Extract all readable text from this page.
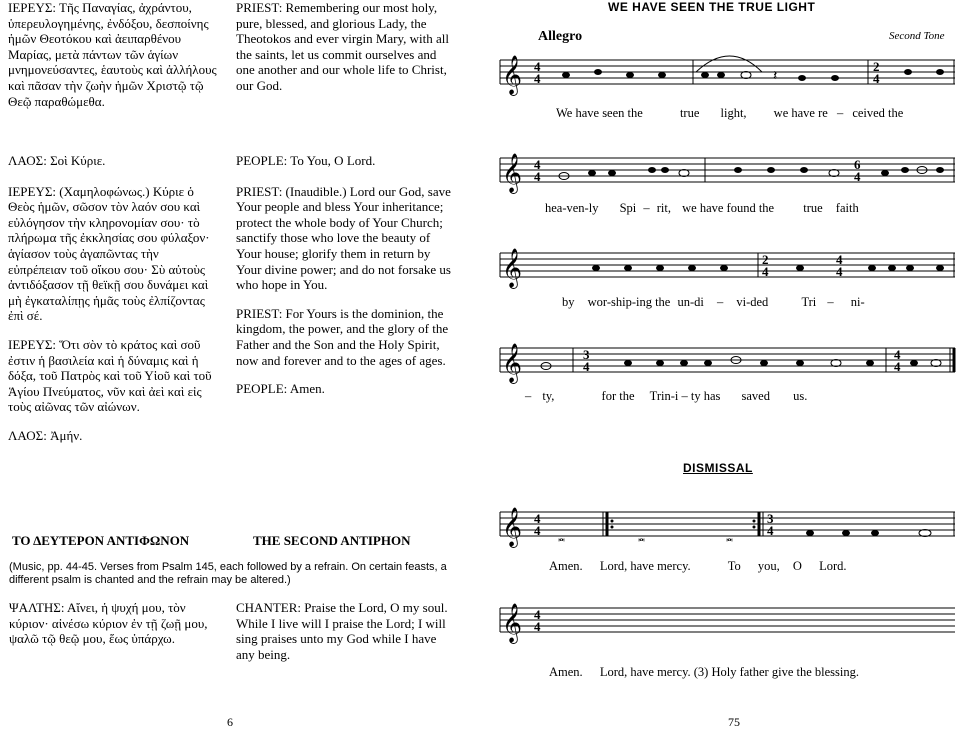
ΙΕΡΕΥΣ: Τῆς Παναγίας, ἀχράντου, ὑπερευλογημένης, ἐνδόξου, δεσποίνης ἡμῶν Θεοτόκου καὶ ἀειπαρθένου Μαρίας, μετὰ πάντων τῶν ἁγίων μνημονεύσαντες, ἑαυτοὺς καὶ ἀλλήλους καὶ πᾶσαν τὴν ζωὴν ἡμῶν Χριστῷ τῷ Θεῷ παραθώμεθα.

ΛΑΟΣ: Σοὶ Κύριε.

ΙΕΡΕΥΣ: (Χαμηλοφώνως.) Κύριε ὁ Θεὸς ἡμῶν, σῶσον τὸν λαόν σου καὶ εὐλόγησον τὴν κληρονομίαν σου· τὸ πλήρωμα τῆς ἐκκλησίας σου φύλαξον· ἁγίασον τοὺς ἀγαπῶντας τὴν εὐπρέπειαν τοῦ οἴκου σου· Σὺ αὐτοὺς ἀντιδόξασον τῇ θεϊκῇ σου δυνάμει καὶ μὴ ἐγκαταλίπῃς ἡμᾶς τοὺς ἐλπίζοντας ἐπὶ σέ.

ΙΕΡΕΥΣ: Ὅτι σὸν τὸ κράτος καὶ σοῦ ἐστιν ἡ βασιλεία καὶ ἡ δύναμις καὶ ἡ δόξα, τοῦ Πατρὸς καὶ τοῦ Υἱοῦ καὶ τοῦ Ἁγίου Πνεύματος, νῦν καὶ ἀεὶ καὶ εἰς τοὺς αἰῶνας τῶν αἰώνων.

ΛΑΟΣ: Ἀμήν.

PRIEST: Remembering our most holy, pure, blessed, and glorious Lady, the Theotokos and ever virgin Mary, with all the saints, let us commit ourselves and one another and our whole life to Christ, our God.

PEOPLE: To You, O Lord.

PRIEST: (Inaudible.) Lord our God, save Your people and bless Your inheritance; protect the whole body of Your Church; sanctify those who love the beauty of Your house; glorify them in return by Your divine power; and do not forsake us who hope in You.

PRIEST: For Yours is the dominion, the kingdom, the power, and the glory of the Father and the Son and the Holy Spirit, now and forever and to the ages of ages.

PEOPLE: Amen.

ΤΟ ΔΕΥΤΕΡΟΝ ΑΝΤΙΦΩΝΟΝ	THE SECOND ANTIPHON
(Music, pp. 44-45. Verses from Psalm 145, each followed by a refrain. On certain feasts, a different psalm is chanted and the refrain may be altered.)
ΨΑΛΤΗΣ: Αἴνει, ἡ ψυχή μου, τὸν κύριον· αἰνέσω κύριον ἐν τῇ ζωῇ μου, ψαλῶ τῷ θεῷ μου, ἕως ὑπάρχω.
CHANTER: Praise the Lord, O my soul. While I live will I praise the Lord; I will sing praises unto my God while I have any being.
6
WE HAVE SEEN THE TRUE LIGHT
Allegro	Second Tone
𝄞 4
4
2
4
𝄽
We have seen the	true light, we have re – ceived the
𝄞 4
4
6
4
hea-ven-ly Spi – rit, we have found the true faith
𝄞	2
4
4
4
by wor-ship-ing the un-di – vi-ded	Tri – ni-
𝄞	3
4
4
4
– ty,	for the Trin-i – ty has saved us.
DISMISSAL
𝄞 4
4
3
4
𝅜	𝅜	𝅜
Amen. Lord, have mercy.	To you, O Lord.
𝄞 4
4
Amen. Lord, have mercy. (3) Holy father give the blessing.
75
